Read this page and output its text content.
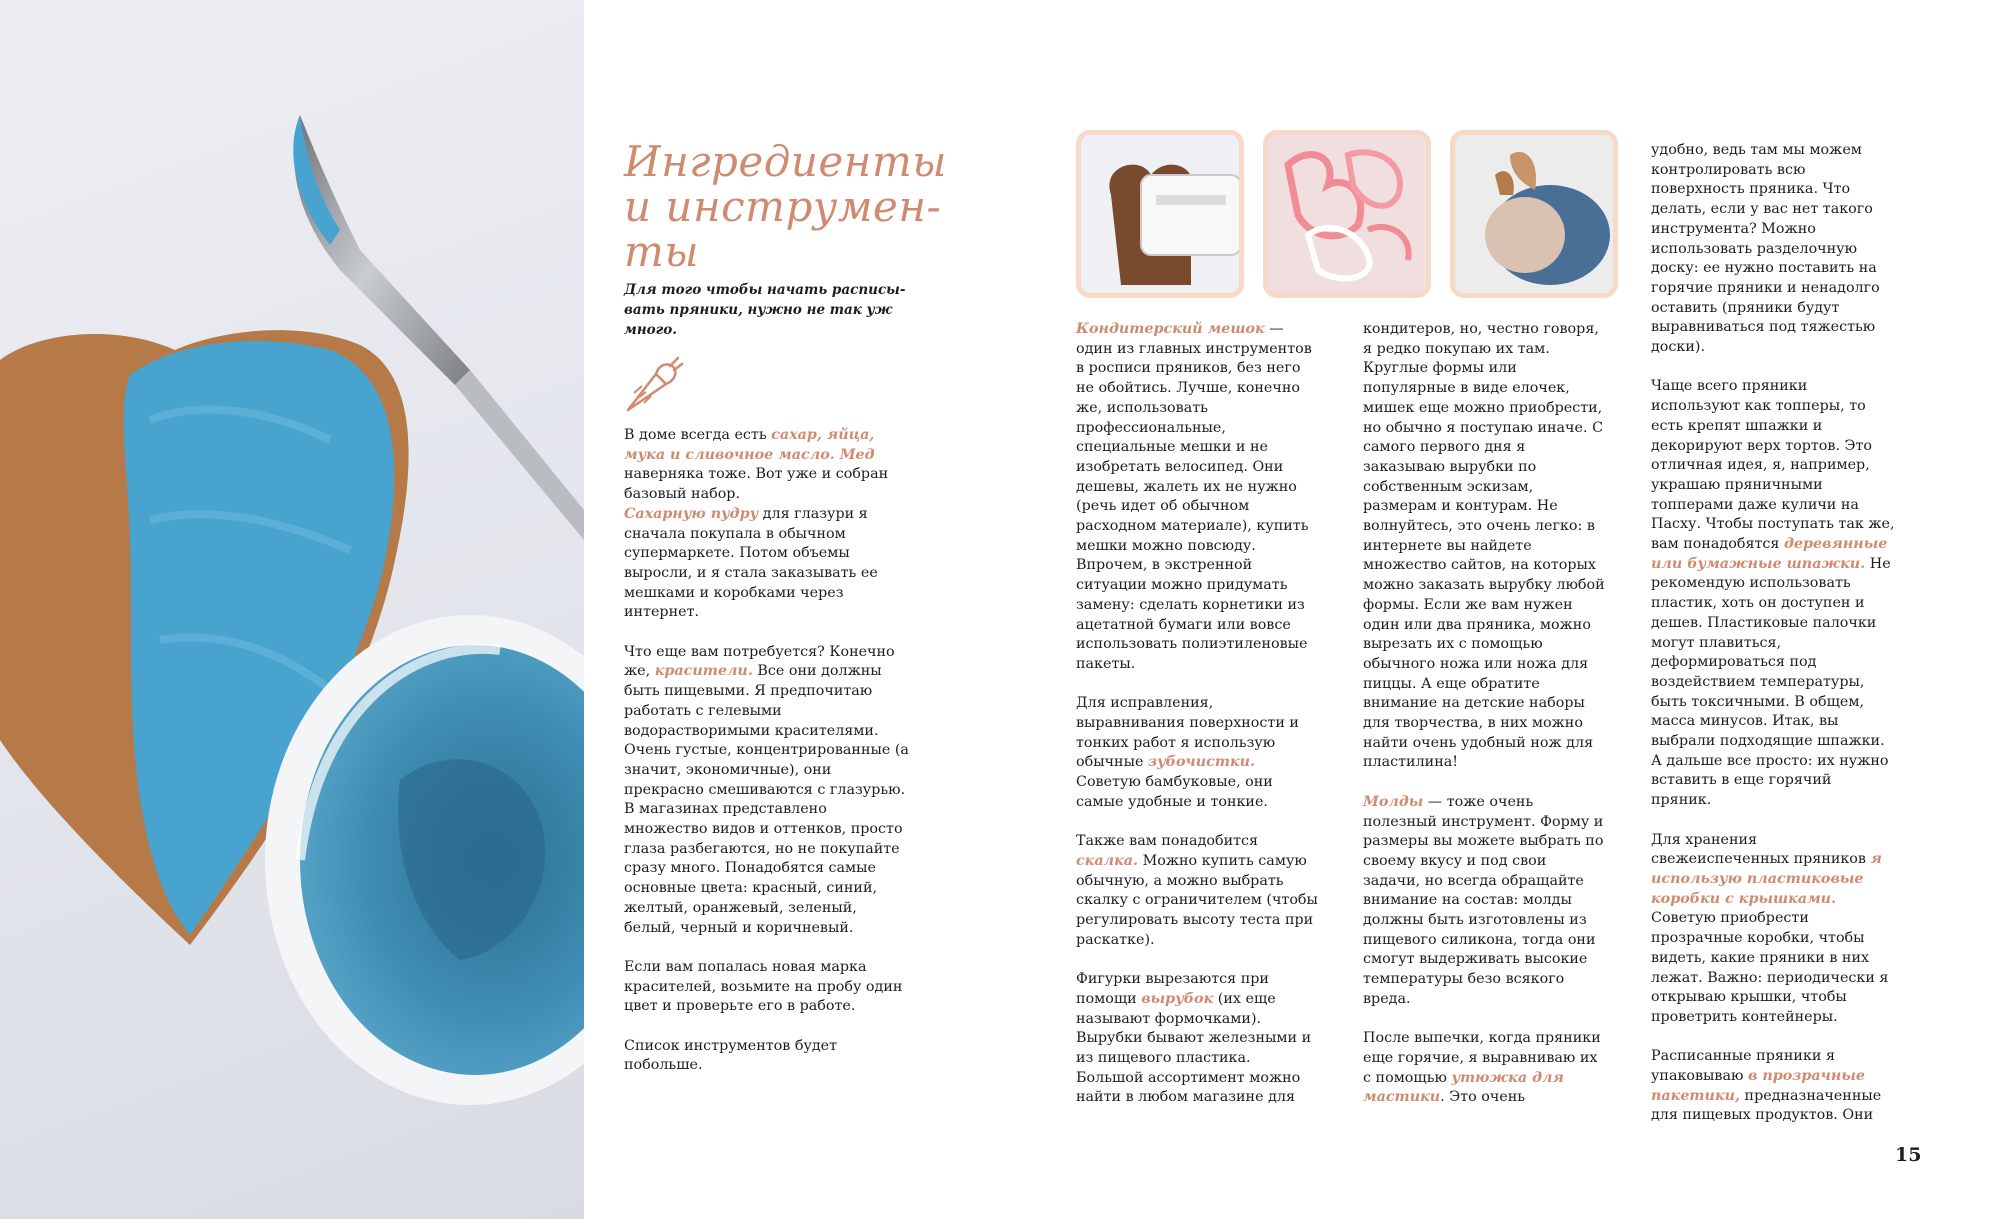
Ингредиенты
и инструмен-
ты

Для того чтобы начать расписы-
вать пряники, нужно не так уж
много.

В доме всегда есть сахар, яйца, мука и сливочное масло. Мед наверняка тоже. Вот уже и собран базовый набор.
Сахарную пудру для глазури я сначала покупала в обычном супермаркете. Потом объемы выросли, и я стала заказывать ее мешками и коробками через интернет.

Что еще вам потребуется? Конечно же, красители. Все они должны быть пищевыми. Я предпочитаю работать с гелевыми водорастворимыми красителями. Очень густые, концентрированные (а значит, экономичные), они прекрасно смешиваются с глазурью. В магазинах представлено множество видов и оттенков, просто глаза разбегаются, но не покупайте сразу много. Понадобятся самые основные цвета: красный, синий, желтый, оранжевый, зеленый, белый, черный и коричневый.

Если вам попалась новая марка красителей, возьмите на пробу один цвет и проверьте его в работе.

Список инструментов будет побольше.

Кондитерский мешок — один из главных инструментов в росписи пряников, без него не обойтись. Лучше, конечно же, использовать профессиональные, специальные мешки и не изобретать велосипед. Они дешевы, жалеть их не нужно (речь идет об обычном расходном материале), купить мешки можно повсюду. Впрочем, в экстренной ситуации можно придумать замену: сделать корнетики из ацетатной бумаги или вовсе использовать полиэтиленовые пакеты.

Для исправления, выравнивания поверхности и тонких работ я использую обычные зубочистки. Советую бамбуковые, они самые удобные и тонкие.

Также вам понадобится скалка. Можно купить самую обычную, а можно выбрать скалку с ограничителем (чтобы регулировать высоту теста при раскатке).

Фигурки вырезаются при помощи вырубок (их еще называют формочками). Вырубки бывают железными и из пищевого пластика. Большой ассортимент можно найти в любом магазине для

кондитеров, но, честно говоря, я редко покупаю их там. Круглые формы или популярные в виде елочек, мишек еще можно приобрести, но обычно я поступаю иначе. С самого первого дня я заказываю вырубки по собственным эскизам, размерам и контурам. Не волнуйтесь, это очень легко: в интернете вы найдете множество сайтов, на которых можно заказать вырубку любой формы. Если же вам нужен один или два пряника, можно вырезать их с помощью обычного ножа или ножа для пиццы. А еще обратите внимание на детские наборы для творчества, в них можно найти очень удобный нож для пластилина!

Молды — тоже очень полезный инструмент. Форму и размеры вы можете выбрать по своему вкусу и под свои задачи, но всегда обращайте внимание на состав: молды должны быть изготовлены из пищевого силикона, тогда они смогут выдерживать высокие температуры безо всякого вреда.

После выпечки, когда пряники еще горячие, я выравниваю их с помощью утюжка для мастики. Это очень

удобно, ведь там мы можем контролировать всю поверхность пряника. Что делать, если у вас нет такого инструмента? Можно использовать разделочную доску: ее нужно поставить на горячие пряники и ненадолго оставить (пряники будут выравниваться под тяжестью доски).

Чаще всего пряники используют как топперы, то есть крепят шпажки и декорируют верх тортов. Это отличная идея, я, например, украшаю пряничными топперами даже куличи на Пасху. Чтобы поступать так же, вам понадобятся деревянные или бумажные шпажки. Не рекомендую использовать пластик, хоть он доступен и дешев. Пластиковые палочки могут плавиться, деформироваться под воздействием температуры, быть токсичными. В общем, масса минусов. Итак, вы выбрали подходящие шпажки. А дальше все просто: их нужно вставить в еще горячий пряник.

Для хранения свежеиспеченных пряников я использую пластиковые коробки с крышками. Советую приобрести прозрачные коробки, чтобы видеть, какие пряники в них лежат. Важно: периодически я открываю крышки, чтобы проветрить контейнеры.

Расписанные пряники я упаковываю в прозрачные пакетики, предназначенные для пищевых продуктов. Они

15
